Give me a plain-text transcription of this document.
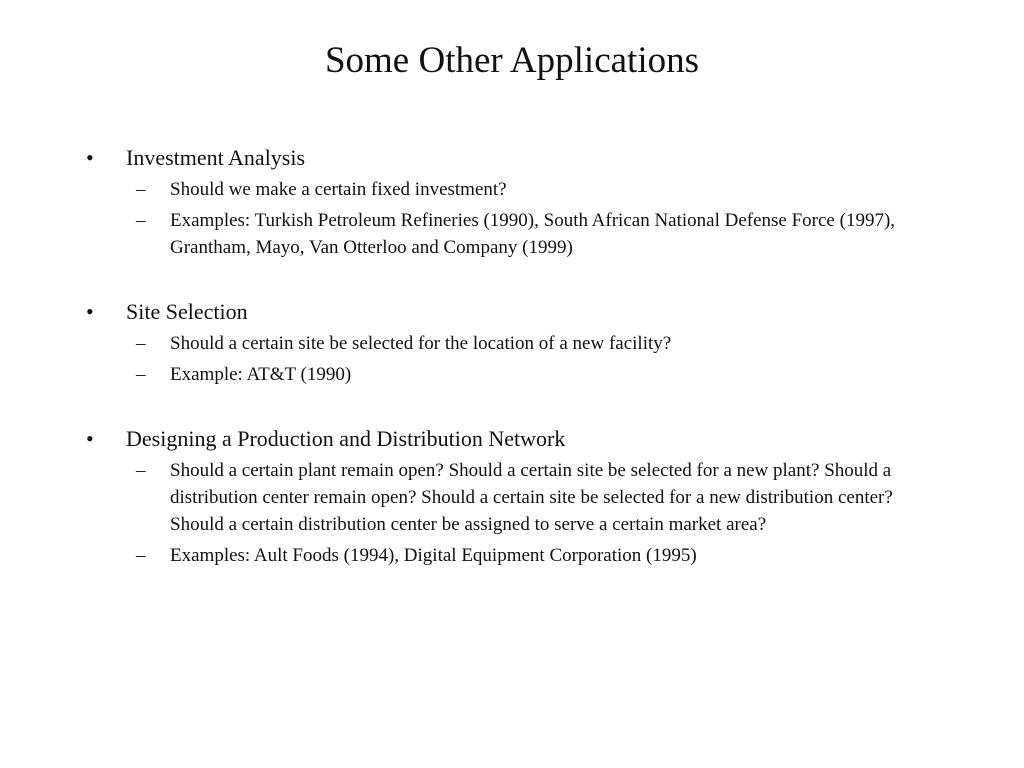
Some Other Applications
•	Investment Analysis
–	Should we make a certain fixed investment?
–	Examples: Turkish Petroleum Refineries (1990), South African National Defense Force (1997), Grantham, Mayo, Van Otterloo and Company (1999)
•	Site Selection
–	Should a certain site be selected for the location of a new facility?
–	Example: AT&T (1990)
•	Designing a Production and Distribution Network
–	Should a certain plant remain open? Should a certain site be selected for a new plant? Should a distribution center remain open? Should a certain site be selected for a new distribution center? Should a certain distribution center be assigned to serve a certain market area?
–	Examples: Ault Foods (1994), Digital Equipment Corporation (1995)
